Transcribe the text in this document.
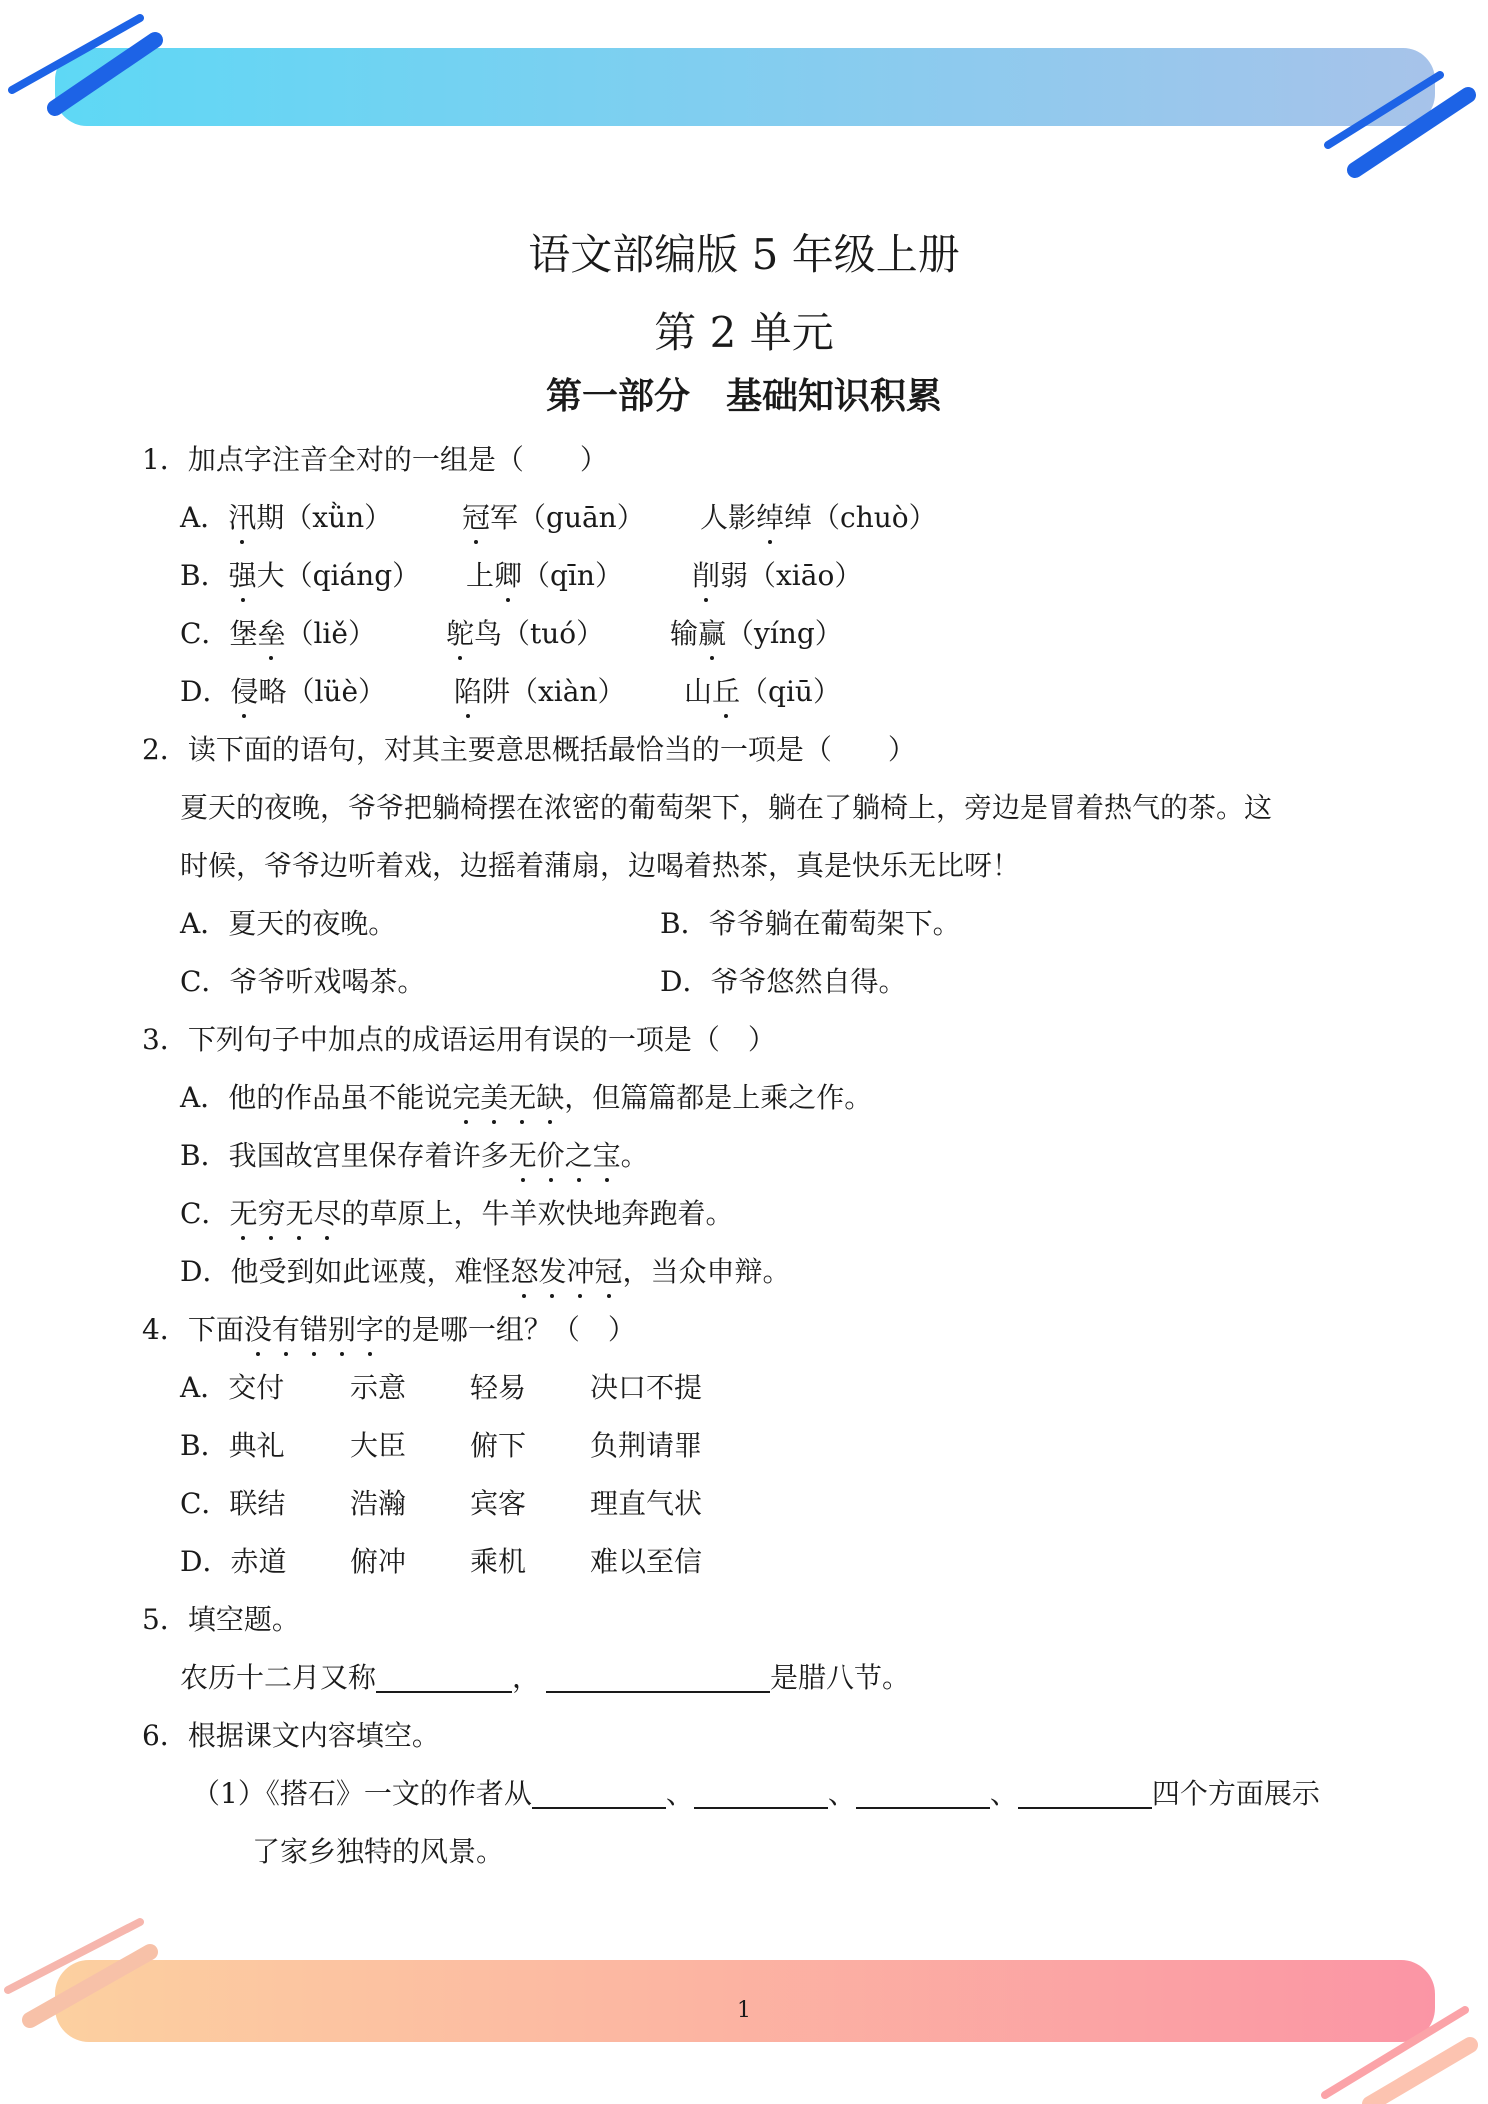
语文部编版 5 年级上册
第 2 单元
第一部分　基础知识积累
1．加点字注音全对的一组是（　　）
A．汛期（xǜn） 冠军（guān） 人影绰绰（chuò）
B．强大（qiáng） 上卿（qīn） 削弱（xiāo）
C．堡垒（liě）	鸵鸟（tuó） 输赢（yíng）
D．侵略（lüè） 陷阱（xiàn） 山丘（qiū）
2．读下面的语句，对其主要意思概括最恰当的一项是（　　）
夏天的夜晚，爷爷把躺椅摆在浓密的葡萄架下，躺在了躺椅上，旁边是冒着热气的茶。这
时候，爷爷边听着戏，边摇着蒲扇，边喝着热茶，真是快乐无比呀！
A．夏天的夜晚。	B．爷爷躺在葡萄架下。
C．爷爷听戏喝茶。	D．爷爷悠然自得。
3．下列句子中加点的成语运用有误的一项是（　）
A．他的作品虽不能说完美无缺，但篇篇都是上乘之作。
B．我国故宫里保存着许多无价之宝。
C．无穷无尽的草原上，牛羊欢快地奔跑着。
D．他受到如此诬蔑，难怪怒发冲冠，当众申辩。
4．下面没有错别字的是哪一组？（　）
A．交付 示意 轻易 决口不提
B．典礼 大臣 俯下 负荆请罪
C．联结 浩瀚 宾客 理直气状
D．赤道 俯冲 乘机 难以至信
5．填空题。
农历十二月又称	，	是腊八节。
6．根据课文内容填空。
（1）《搭石》一文的作者从	、	、	、	四个方面展示
了家乡独特的风景。
1
